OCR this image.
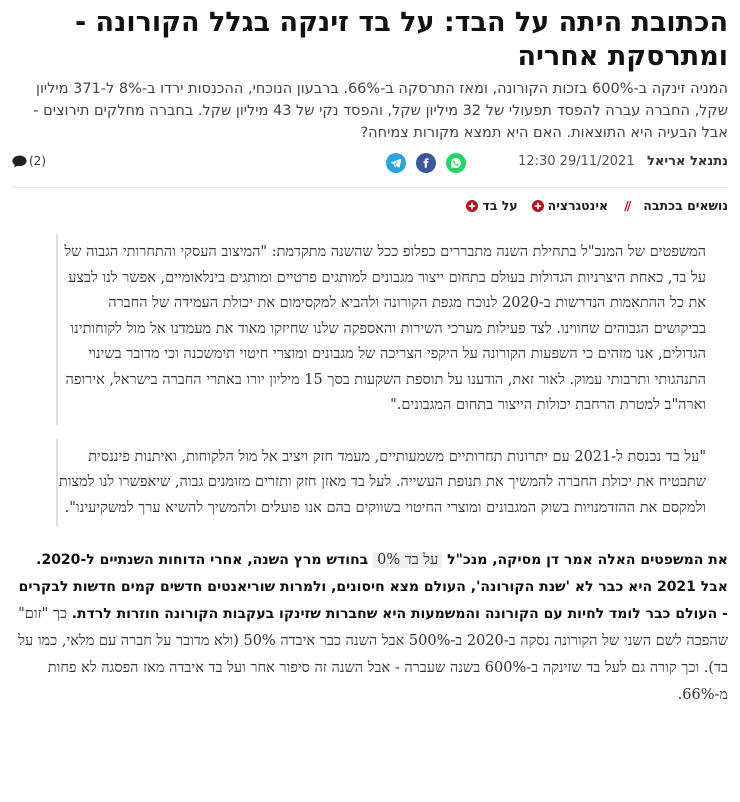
הכתובת היתה על הבד: על בד זינקה בגלל הקורונה - ומתרסקת אחריה

המניה זינקה ב-600% בזכות הקורונה, ומאז התרסקה ב-66%. ברבעון הנוכחי, ההכנסות ירדו ב-8% ל-371 מיליון שקל, החברה עברה להפסד תפעולי של 32 מיליון שקל, והפסד נקי של 43 מיליון שקל. בחברה מחלקים תירוצים - אבל הבעיה היא התוצאות. האם היא תמצא מקורות צמיחה?

נתנאל אריאל   29/11/2021 12:30
(2)
נושאים בכתבה
//
אינטגרציה
על בד

המשפטים של המנכ"ל בתחילת השנה מתבררים כפלופ ככל שהשנה מתקדמת: "המיצוב העסקי והתחרותי הגבוה של על בד, כאחת היצרניות הגדולות בעולם בתחום ייצור מגבונים למותגים פרטיים ומותגים בינלאומיים, אפשר לנו לבצע את כל ההתאמות הנדרשות ב-2020 לנוכח מגפת הקורונה ולהביא למקסימום את יכולת העמידה של החברה בביקושים הגבוהים שחווינו. לצד פעילות מערכי השירות והאספקה שלנו שחיזקו מאוד את מעמדנו אל מול לקוחותינו הגדולים, אנו מזהים כי השפעות הקורונה על היקפי הצריכה של מגבונים ומוצרי חיטוי תימשכנה וכי מדובר בשינוי התנהגותי ותרבותי עמוק. לאור זאת, הודענו על תוספת השקעות בסך 15 מיליון יורו באתרי החברה בישראל, אירופה וארה"ב למטרת הרחבת יכולות הייצור בתחום המגבונים."

"על בד נכנסת ל-2021 עם יתרונות תחרותיים משמעותיים, מעמד חזק ויציב אל מול הלקוחות, ואיתנות פיננסית שתבטיח את יכולת החברה להמשיך את תנופת העשייה. לעל בד מאזן חזק ותזרים מזומנים גבוה, שיאפשרו לנו למצות ולמקסם את ההזדמנויות בשוק המגבונים ומוצרי החיטוי בשווקים בהם אנו פועלים ולהמשיך להשיא ערך למשקיעינו".

את המשפטים האלה אמר דן מסיקה, מנכ"ל על בד 0% בחודש מרץ השנה, אחרי הדוחות השנתיים ל-2020. אבל 2021 היא כבר לא 'שנת הקורונה', העולם מצא חיסונים, ולמרות שוריאנטים חדשים קמים חדשות לבקרים - העולם כבר לומד לחיות עם הקורונה והמשמעות היא שחברות שזינקו בעקבות הקורונה חוזרות לרדת. כך "זום" שהפכה לשם השני של הקורונה נסקה ב-2020 ב-500% אבל השנה כבר איבדה 50% (ולא מדובר על חברה עם מלאי, כמו על בד). וכך קורה גם לעל בד שזינקה ב-600% בשנה שעברה - אבל השנה זה סיפור אחר ועל בד איבדה מאז הפסגה לא פחות מ-66%.
